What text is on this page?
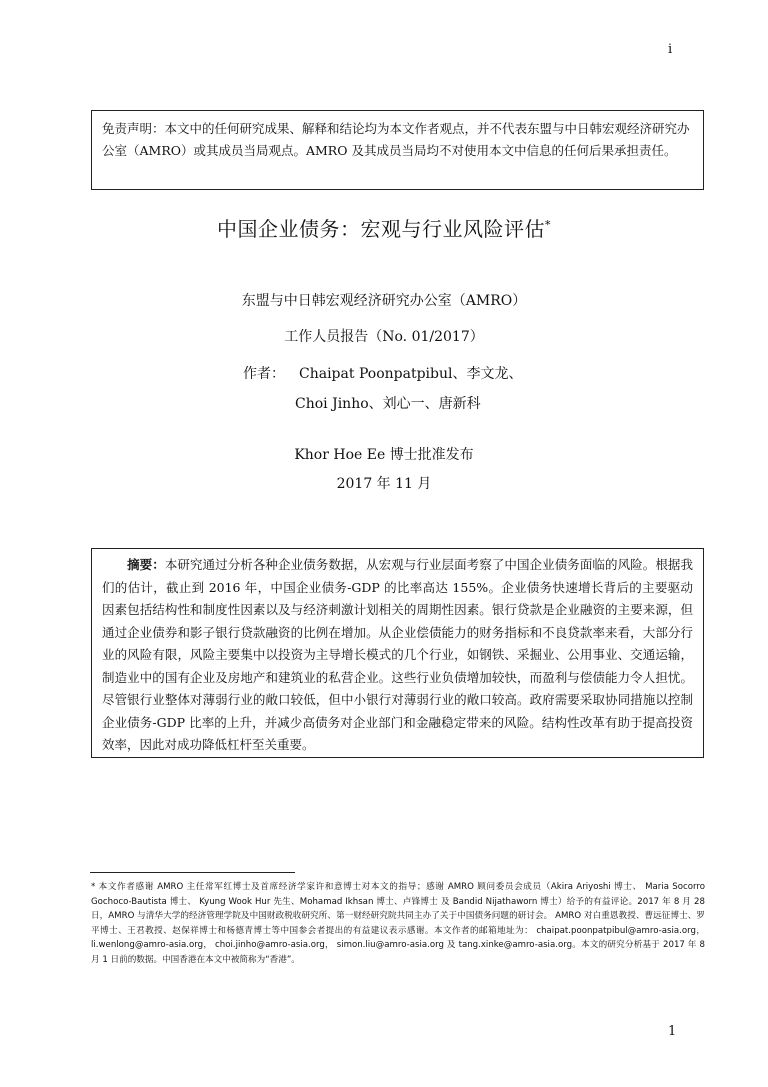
i
免责声明：本文中的任何研究成果、解释和结论均为本文作者观点，并不代表东盟与中日韩宏观经济研究办公室（AMRO）或其成员当局观点。AMRO 及其成员当局均不对使用本文中信息的任何后果承担责任。
中国企业债务：宏观与行业风险评估*
东盟与中日韩宏观经济研究办公室（AMRO）
工作人员报告（No. 01/2017）
作者： Chaipat Poonpatpibul、李文龙、
Choi Jinho、刘心一、唐新科
Khor Hoe Ee 博士批准发布
2017 年 11 月
摘要：本研究通过分析各种企业债务数据，从宏观与行业层面考察了中国企业债务面临的风险。根据我们的估计，截止到 2016 年，中国企业债务-GDP 的比率高达 155%。企业债务快速增长背后的主要驱动因素包括结构性和制度性因素以及与经济刺激计划相关的周期性因素。银行贷款是企业融资的主要来源，但通过企业债券和影子银行贷款融资的比例在增加。从企业偿债能力的财务指标和不良贷款率来看，大部分行业的风险有限，风险主要集中以投资为主导增长模式的几个行业，如钢铁、采掘业、公用事业、交通运输，制造业中的国有企业及房地产和建筑业的私营企业。这些行业负债增加较快，而盈利与偿债能力令人担忧。尽管银行业整体对薄弱行业的敞口较低，但中小银行对薄弱行业的敞口较高。政府需要采取协同措施以控制企业债务-GDP 比率的上升，并减少高债务对企业部门和金融稳定带来的风险。结构性改革有助于提高投资效率，因此对成功降低杠杆至关重要。
* 本文作者感谢 AMRO 主任常军红博士及首席经济学家许和意博士对本文的指导；感谢 AMRO 顾问委员会成员（Akira Ariyoshi 博士、 Maria Socorro Gochoco-Bautista 博士、 Kyung Wook Hur 先生、Mohamad Ikhsan 博士、卢锋博士 及 Bandid Nijathaworn 博士）给予的有益评论。2017 年 8 月 28 日，AMRO 与清华大学的经济管理学院及中国财政税收研究所、第一财经研究院共同主办了关于中国债务问题的研讨会。 AMRO 对白重恩教授、曹远征博士、罗平博士、王君教授、赵保祥博士和杨德青博士等中国参会者提出的有益建议表示感谢。本文作者的邮箱地址为： chaipat.poonpatpibul@amro-asia.org， li.wenlong@amro-asia.org， choi.jinho@amro-asia.org， simon.liu@amro-asia.org 及 tang.xinke@amro-asia.org。本文的研究分析基于 2017 年 8 月 1 日前的数据。中国香港在本文中被简称为“香港”。
1
